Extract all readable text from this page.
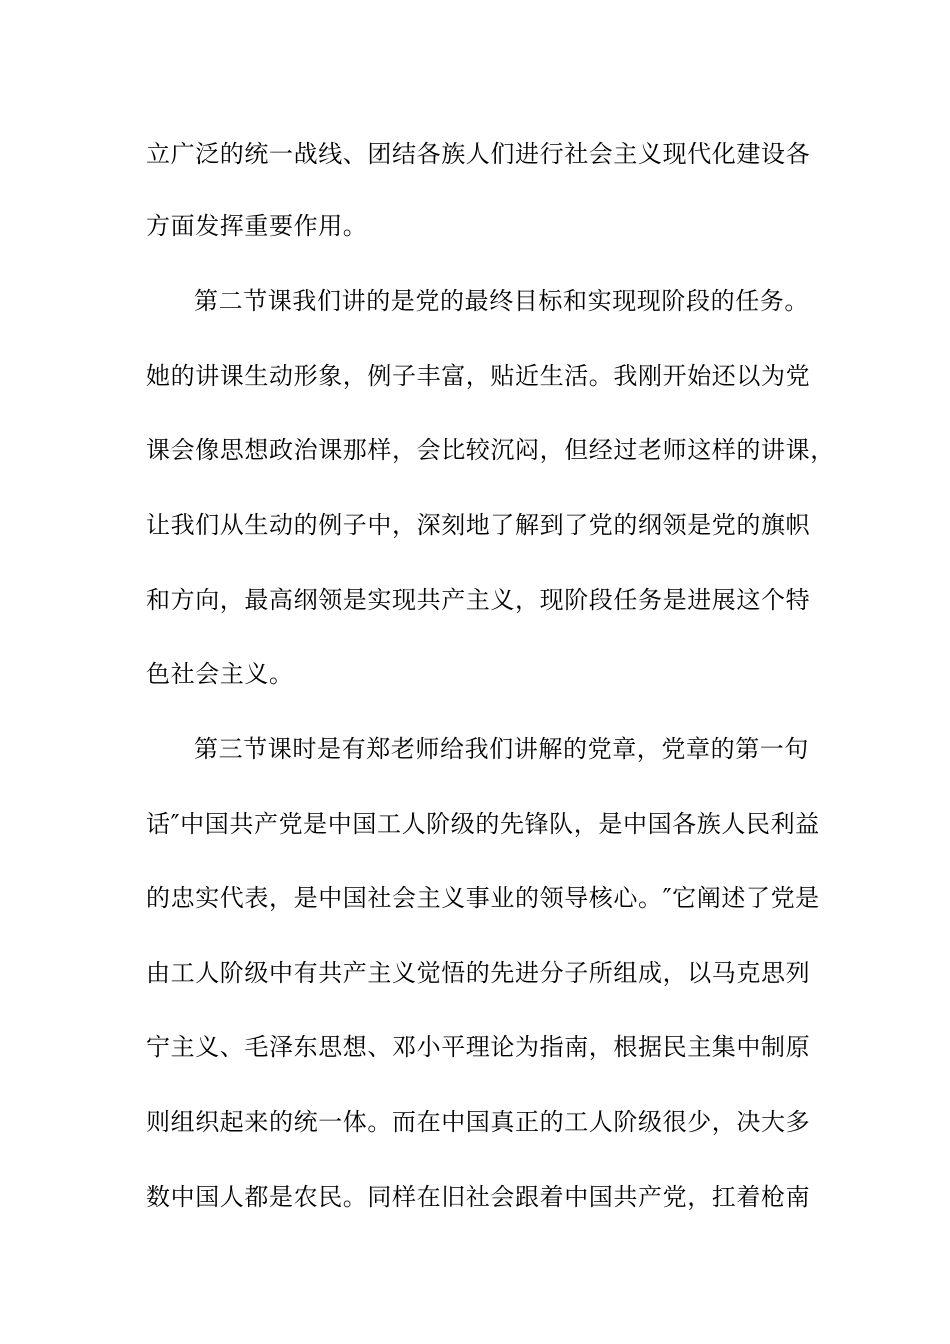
立广泛的统一战线、团结各族人们进行社会主义现代化建设各

方面发挥重要作用。

第二节课我们讲的是党的最终目标和实现现阶段的任务。

她的讲课生动形象，例子丰富，贴近生活。我刚开始还以为党

课会像思想政治课那样，会比较沉闷，但经过老师这样的讲课，

让我们从生动的例子中，深刻地了解到了党的纲领是党的旗帜

和方向，最高纲领是实现共产主义，现阶段任务是进展这个特

色社会主义。

第三节课时是有郑老师给我们讲解的党章，党章的第一句

话″中国共产党是中国工人阶级的先锋队，是中国各族人民利益

的忠实代表，是中国社会主义事业的领导核心。″它阐述了党是

由工人阶级中有共产主义觉悟的先进分子所组成，以马克思列

宁主义、毛泽东思想、邓小平理论为指南，根据民主集中制原

则组织起来的统一体。而在中国真正的工人阶级很少，决大多

数中国人都是农民。同样在旧社会跟着中国共产党，扛着枪南
